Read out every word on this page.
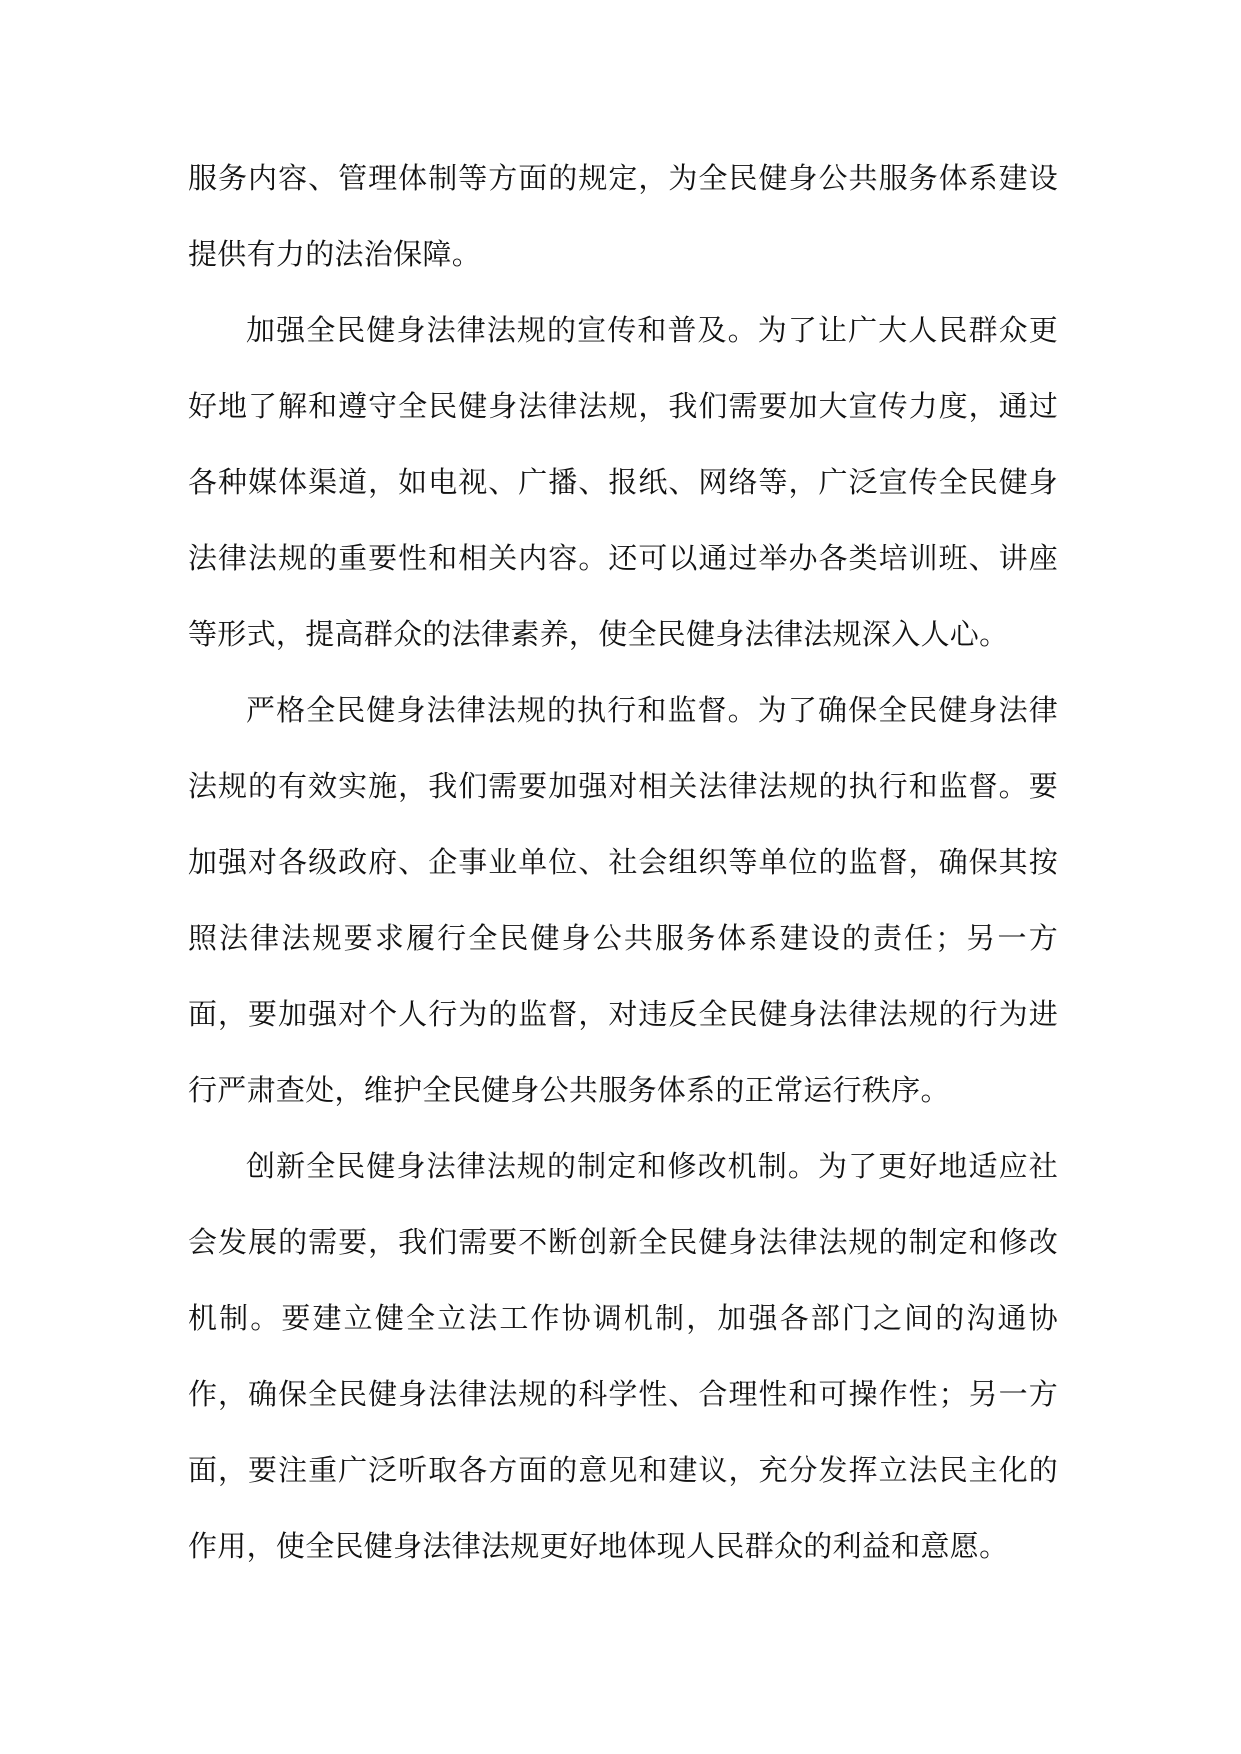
服务内容、管理体制等方面的规定，为全民健身公共服务体系建设提供有力的法治保障。

加强全民健身法律法规的宣传和普及。为了让广大人民群众更好地了解和遵守全民健身法律法规，我们需要加大宣传力度，通过各种媒体渠道，如电视、广播、报纸、网络等，广泛宣传全民健身法律法规的重要性和相关内容。还可以通过举办各类培训班、讲座等形式，提高群众的法律素养，使全民健身法律法规深入人心。

严格全民健身法律法规的执行和监督。为了确保全民健身法律法规的有效实施，我们需要加强对相关法律法规的执行和监督。要加强对各级政府、企事业单位、社会组织等单位的监督，确保其按照法律法规要求履行全民健身公共服务体系建设的责任；另一方面，要加强对个人行为的监督，对违反全民健身法律法规的行为进行严肃查处，维护全民健身公共服务体系的正常运行秩序。

创新全民健身法律法规的制定和修改机制。为了更好地适应社会发展的需要，我们需要不断创新全民健身法律法规的制定和修改机制。要建立健全立法工作协调机制，加强各部门之间的沟通协作，确保全民健身法律法规的科学性、合理性和可操作性；另一方面，要注重广泛听取各方面的意见和建议，充分发挥立法民主化的作用，使全民健身法律法规更好地体现人民群众的利益和意愿。
